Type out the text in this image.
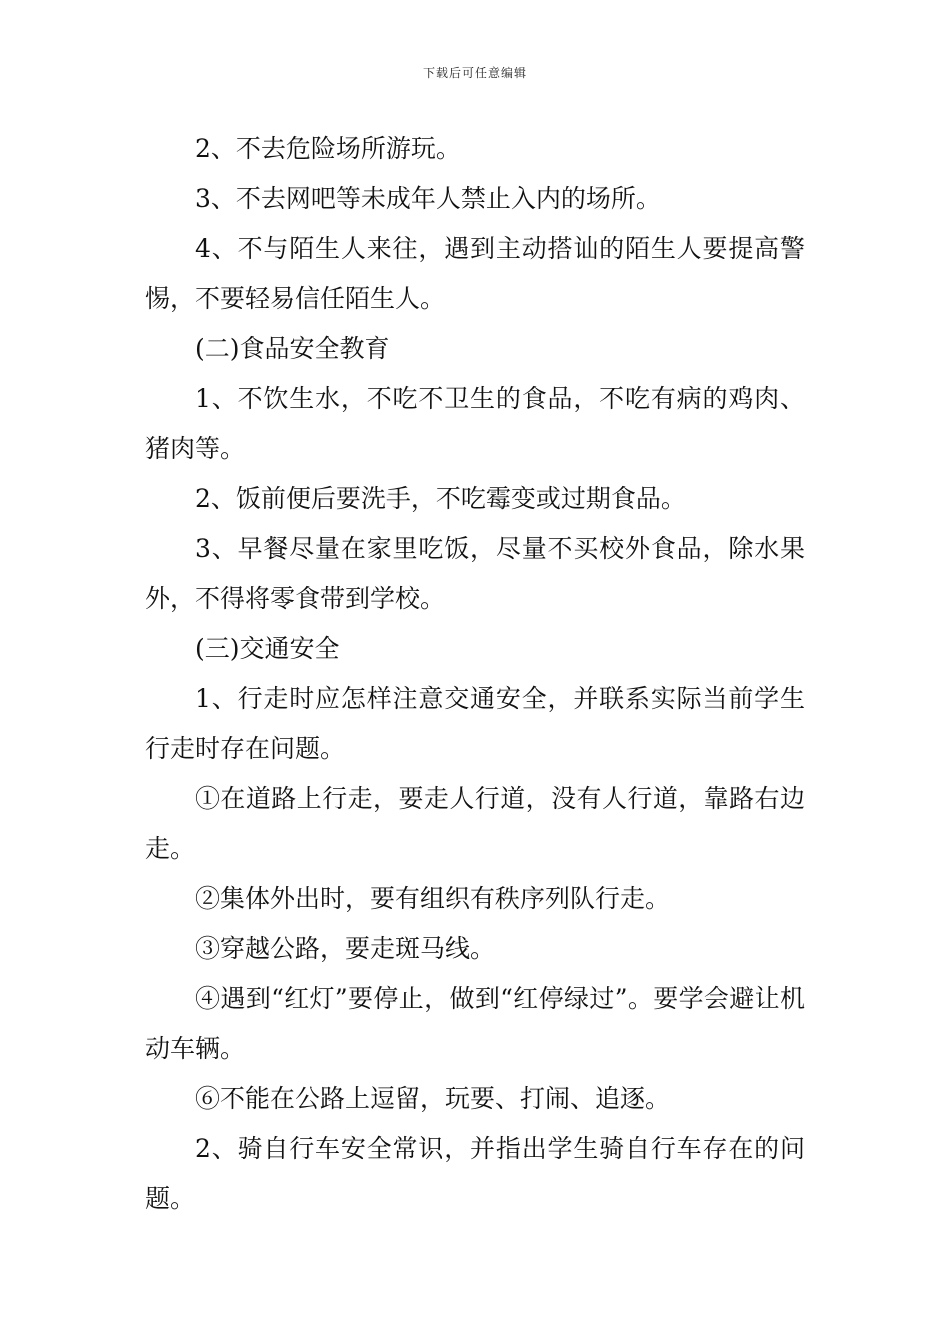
下载后可任意编辑

2、不去危险场所游玩。

3、不去网吧等未成年人禁止入内的场所。

4、不与陌生人来往，遇到主动搭讪的陌生人要提高警惕，不要轻易信任陌生人。

(二)食品安全教育

1、不饮生水，不吃不卫生的食品，不吃有病的鸡肉、猪肉等。

2、饭前便后要洗手，不吃霉变或过期食品。

3、早餐尽量在家里吃饭，尽量不买校外食品，除水果外，不得将零食带到学校。

(三)交通安全

1、行走时应怎样注意交通安全，并联系实际当前学生行走时存在问题。

①在道路上行走，要走人行道，没有人行道，靠路右边走。

②集体外出时，要有组织有秩序列队行走。

③穿越公路，要走斑马线。

④遇到“红灯”要停止，做到“红停绿过”。要学会避让机动车辆。

⑥不能在公路上逗留，玩要、打闹、追逐。

2、骑自行车安全常识，并指出学生骑自行车存在的问题。
